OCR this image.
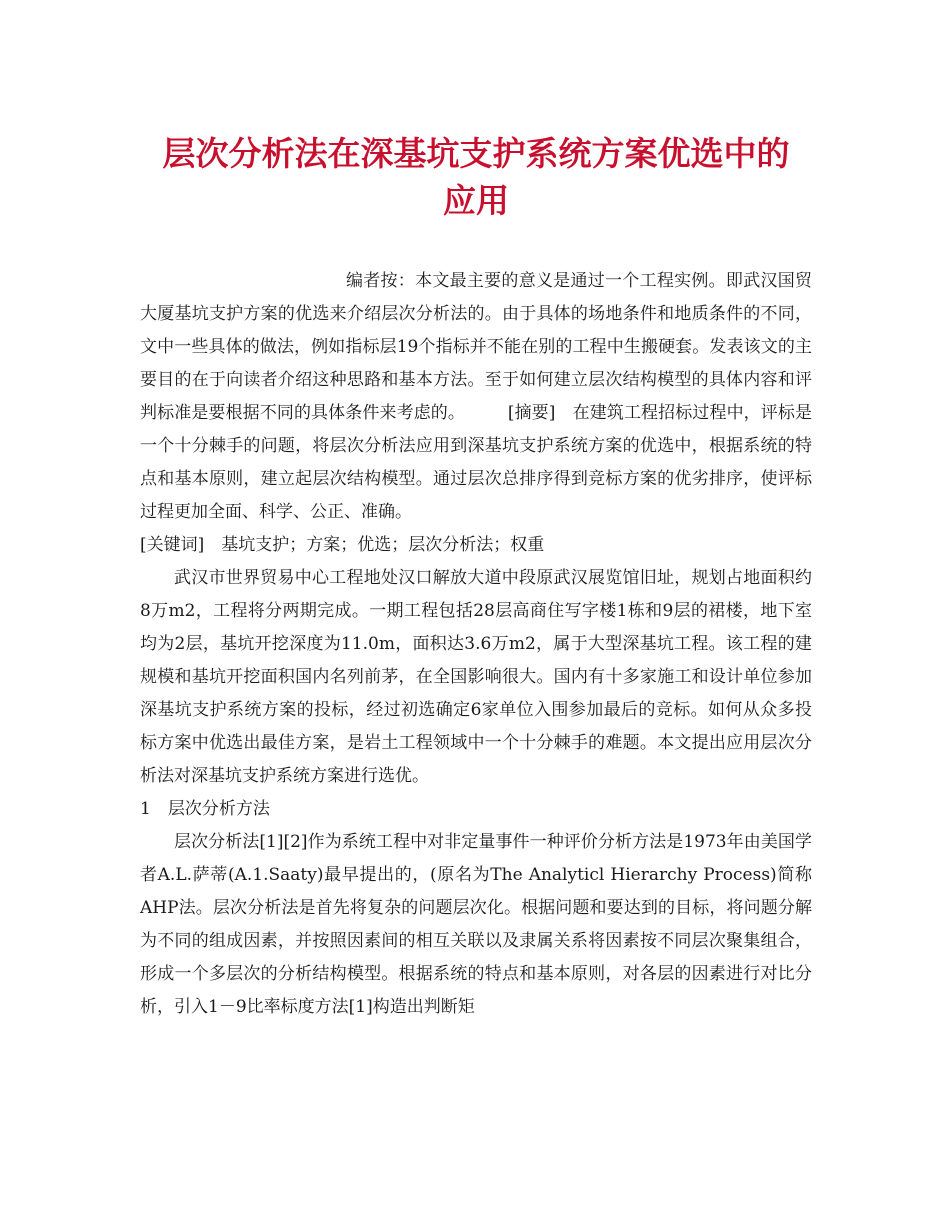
层次分析法在深基坑支护系统方案优选中的应用

编者按：本文最主要的意义是通过一个工程实例。即武汉国贸大厦基坑支护方案的优选来介绍层次分析法的。由于具体的场地条件和地质条件的不同，文中一些具体的做法，例如指标层19个指标并不能在别的工程中生搬硬套。发表该文的主要目的在于向读者介绍这种思路和基本方法。至于如何建立层次结构模型的具体内容和评判标准是要根据不同的具体条件来考虑的。　　　[摘要]　在建筑工程招标过程中，评标是一个十分棘手的问题，将层次分析法应用到深基坑支护系统方案的优选中，根据系统的特点和基本原则，建立起层次结构模型。通过层次总排序得到竞标方案的优劣排序，使评标过程更加全面、科学、公正、准确。

[关键词]　基坑支护；方案；优选；层次分析法；权重

武汉市世界贸易中心工程地处汉口解放大道中段原武汉展览馆旧址，规划占地面积约8万m2，工程将分两期完成。一期工程包括28层高商住写字楼1栋和9层的裙楼，地下室均为2层，基坑开挖深度为11.0m，面积达3.6万m2，属于大型深基坑工程。该工程的建规模和基坑开挖面积国内名列前茅，在全国影响很大。国内有十多家施工和设计单位参加深基坑支护系统方案的投标，经过初选确定6家单位入围参加最后的竞标。如何从众多投标方案中优选出最佳方案，是岩土工程领域中一个十分棘手的难题。本文提出应用层次分析法对深基坑支护系统方案进行选优。

1　层次分析方法

层次分析法[1][2]作为系统工程中对非定量事件一种评价分析方法是1973年由美国学者A.L.萨蒂(A.1.Saaty)最早提出的，(原名为The Analyticl Hierarchy Process)简称AHP法。层次分析法是首先将复杂的问题层次化。根据问题和要达到的目标，将问题分解为不同的组成因素，并按照因素间的相互关联以及隶属关系将因素按不同层次聚集组合，形成一个多层次的分析结构模型。根据系统的特点和基本原则，对各层的因素进行对比分析，引入1－9比率标度方法[1]构造出判断矩
